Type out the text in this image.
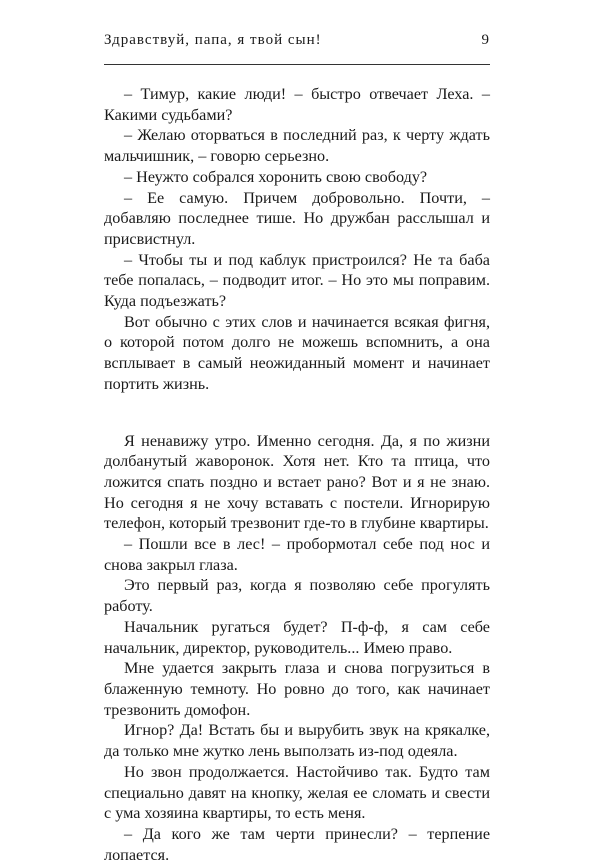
Здравствуй, папа, я твой сын!	9

– Тимур, какие люди! – быстро отвечает Леха. – Какими судьбами?

– Желаю оторваться в последний раз, к черту ждать мальчишник, – говорю серьезно.

– Неужто собрался хоронить свою свободу?

– Ее самую. Причем добровольно. Почти, – добавляю последнее тише. Но дружбан расслышал и присвистнул.

– Чтобы ты и под каблук пристроился? Не та баба тебе попалась, – подводит итог. – Но это мы поправим. Куда подъезжать?

Вот обычно с этих слов и начинается всякая фигня, о которой потом долго не можешь вспомнить, а она всплывает в самый неожиданный момент и начинает портить жизнь.

Я ненавижу утро. Именно сегодня. Да, я по жизни долбанутый жаворонок. Хотя нет. Кто та птица, что ложится спать поздно и встает рано? Вот и я не знаю. Но сегодня я не хочу вставать с постели. Игнорирую телефон, который трезвонит где-то в глубине квартиры.

– Пошли все в лес! – пробормотал себе под нос и снова закрыл глаза.

Это первый раз, когда я позволяю себе прогулять работу.

Начальник ругаться будет? П-ф-ф, я сам себе начальник, директор, руководитель... Имею право.

Мне удается закрыть глаза и снова погрузиться в блаженную темноту. Но ровно до того, как начинает трезвонить домофон.

Игнор? Да! Встать бы и вырубить звук на крякалке, да только мне жутко лень выползать из-под одеяла.

Но звон продолжается. Настойчиво так. Будто там специально давят на кнопку, желая ее сломать и свести с ума хозяина квартиры, то есть меня.

– Да кого же там черти принесли? – терпение лопается.
